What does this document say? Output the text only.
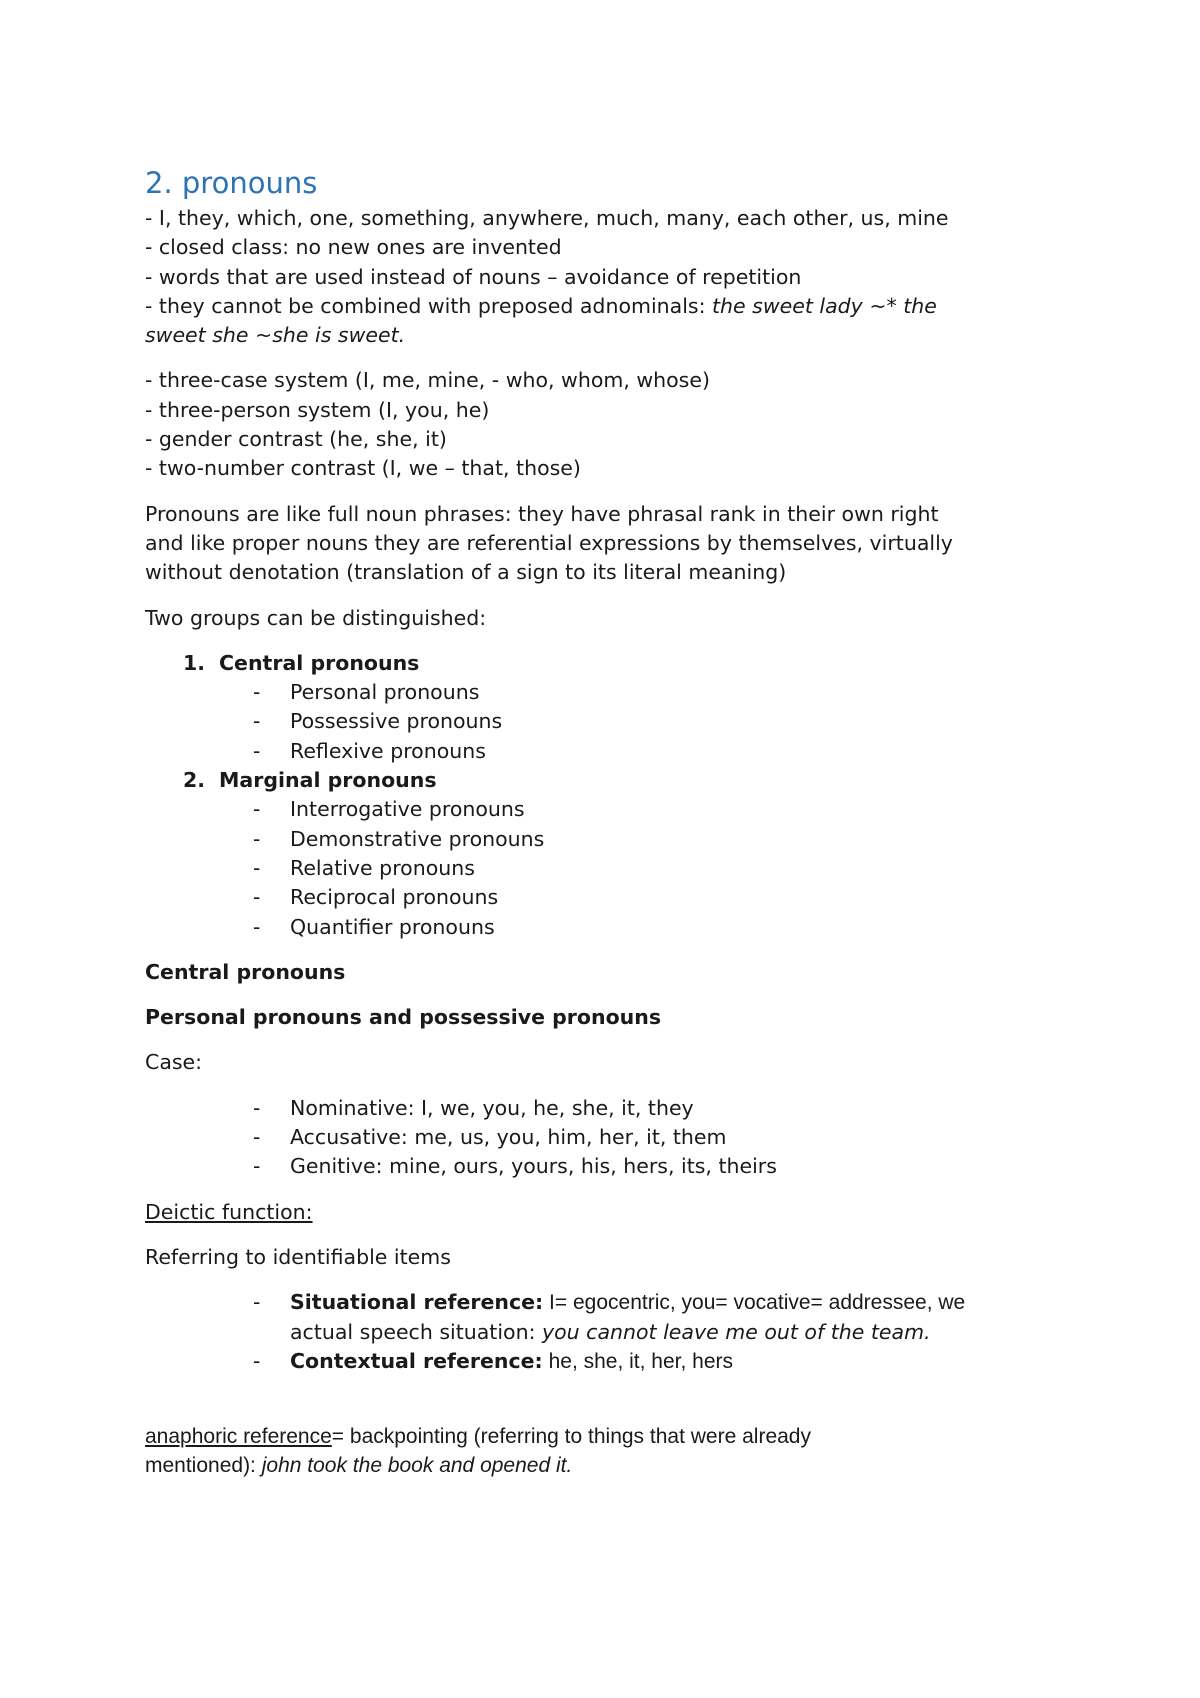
2. pronouns

- I, they, which, one, something, anywhere, much, many, each other, us, mine

- closed class: no new ones are invented

- words that are used instead of nouns – avoidance of repetition

- they cannot be combined with preposed adnominals: the sweet lady ~* the

sweet she ~she is sweet.

- three-case system (I, me, mine, - who, whom, whose)

- three-person system (I, you, he)

- gender contrast (he, she, it)

- two-number contrast (I, we – that, those)

Pronouns are like full noun phrases: they have phrasal rank in their own right

and like proper nouns they are referential expressions by themselves, virtually

without denotation (translation of a sign to its literal meaning)

Two groups can be distinguished:

1. Central pronouns
- Personal pronouns
- Possessive pronouns
- Reflexive pronouns
2. Marginal pronouns
- Interrogative pronouns
- Demonstrative pronouns
- Relative pronouns
- Reciprocal pronouns
- Quantifier pronouns

Central pronouns

Personal pronouns and possessive pronouns

Case:

- Nominative: I, we, you, he, she, it, they
- Accusative: me, us, you, him, her, it, them
- Genitive: mine, ours, yours, his, hers, its, theirs

Deictic function:

Referring to identifiable items

- Situational reference: I= egocentric, you= vocative= addressee, we
actual speech situation: you cannot leave me out of the team.
- Contextual reference: he, she, it, her, hers

anaphoric reference= backpointing (referring to things that were already

mentioned): john took the book and opened it.
